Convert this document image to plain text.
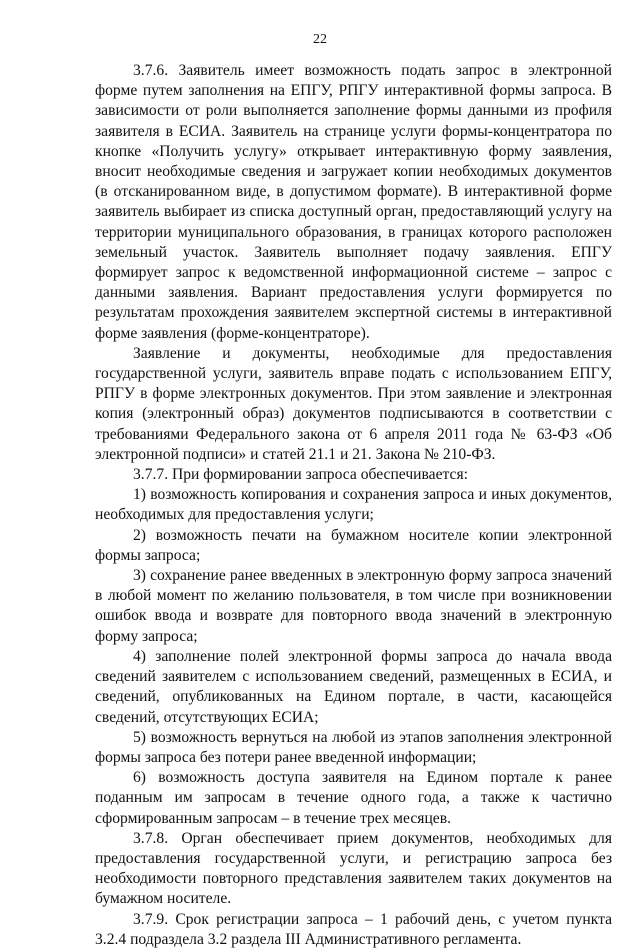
22

3.7.6. Заявитель имеет возможность подать запрос в электронной форме путем заполнения на ЕПГУ, РПГУ интерактивной формы запроса. В зависимости от роли выполняется заполнение формы данными из профиля заявителя в ЕСИА. Заявитель на странице услуги формы-концентратора по кнопке «Получить услугу» открывает интерактивную форму заявления, вносит необходимые сведения и загружает копии необходимых документов (в отсканированном виде, в допустимом формате). В интерактивной форме заявитель выбирает из списка доступный орган, предоставляющий услугу на территории муниципального образования, в границах которого расположен земельный участок. Заявитель выполняет подачу заявления. ЕПГУ формирует запрос к ведомственной информационной системе – запрос с данными заявления. Вариант предоставления услуги формируется по результатам прохождения заявителем экспертной системы в интерактивной форме заявления (форме-концентраторе).

Заявление и документы, необходимые для предоставления государственной услуги, заявитель вправе подать с использованием ЕПГУ, РПГУ в форме электронных документов. При этом заявление и электронная копия (электронный образ) документов подписываются в соответствии с требованиями Федерального закона от 6 апреля 2011 года № 63-ФЗ «Об электронной подписи» и статей 21.1 и 21. Закона № 210-ФЗ.

3.7.7. При формировании запроса обеспечивается:

1) возможность копирования и сохранения запроса и иных документов, необходимых для предоставления услуги;

2) возможность печати на бумажном носителе копии электронной формы запроса;

3) сохранение ранее введенных в электронную форму запроса значений в любой момент по желанию пользователя, в том числе при возникновении ошибок ввода и возврате для повторного ввода значений в электронную форму запроса;

4) заполнение полей электронной формы запроса до начала ввода сведений заявителем с использованием сведений, размещенных в ЕСИА, и сведений, опубликованных на Едином портале, в части, касающейся сведений, отсутствующих ЕСИА;

5) возможность вернуться на любой из этапов заполнения электронной формы запроса без потери ранее введенной информации;

6) возможность доступа заявителя на Едином портале к ранее поданным им запросам в течение одного года, а также к частично сформированным запросам – в течение трех месяцев.

3.7.8. Орган обеспечивает прием документов, необходимых для предоставления государственной услуги, и регистрацию запроса без необходимости повторного представления заявителем таких документов на бумажном носителе.

3.7.9. Срок регистрации запроса – 1 рабочий день, с учетом пункта 3.2.4 подраздела 3.2 раздела III Административного регламента.
